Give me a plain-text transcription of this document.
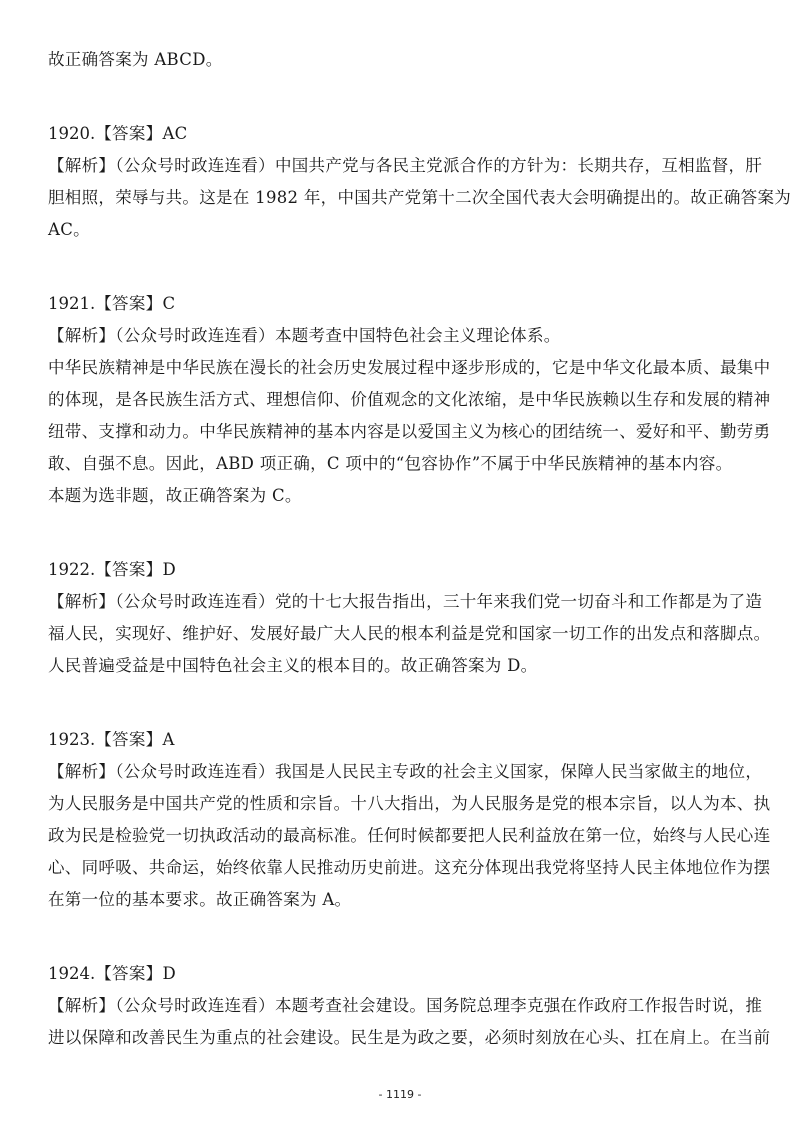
故正确答案为 ABCD。
1920.【答案】AC
【解析】（公众号时政连连看）中国共产党与各民主党派合作的方针为：长期共存，互相监督，肝
胆相照，荣辱与共。这是在 1982 年，中国共产党第十二次全国代表大会明确提出的。故正确答案为
AC。
1921.【答案】C
【解析】（公众号时政连连看）本题考查中国特色社会主义理论体系。
中华民族精神是中华民族在漫长的社会历史发展过程中逐步形成的，它是中华文化最本质、最集中
的体现，是各民族生活方式、理想信仰、价值观念的文化浓缩，是中华民族赖以生存和发展的精神
纽带、支撑和动力。中华民族精神的基本内容是以爱国主义为核心的团结统一、爱好和平、勤劳勇
敢、自强不息。因此，ABD 项正确，C 项中的“包容协作”不属于中华民族精神的基本内容。
本题为选非题，故正确答案为 C。
1922.【答案】D
【解析】（公众号时政连连看）党的十七大报告指出，三十年来我们党一切奋斗和工作都是为了造
福人民，实现好、维护好、发展好最广大人民的根本利益是党和国家一切工作的出发点和落脚点。
人民普遍受益是中国特色社会主义的根本目的。故正确答案为 D。
1923.【答案】A
【解析】（公众号时政连连看）我国是人民民主专政的社会主义国家，保障人民当家做主的地位，
为人民服务是中国共产党的性质和宗旨。十八大指出，为人民服务是党的根本宗旨，以人为本、执
政为民是检验党一切执政活动的最高标准。任何时候都要把人民利益放在第一位，始终与人民心连
心、同呼吸、共命运，始终依靠人民推动历史前进。这充分体现出我党将坚持人民主体地位作为摆
在第一位的基本要求。故正确答案为 A。
1924.【答案】D
【解析】（公众号时政连连看）本题考查社会建设。国务院总理李克强在作政府工作报告时说，推
进以保障和改善民生为重点的社会建设。民生是为政之要，必须时刻放在心头、扛在肩上。在当前
- 1119 -
